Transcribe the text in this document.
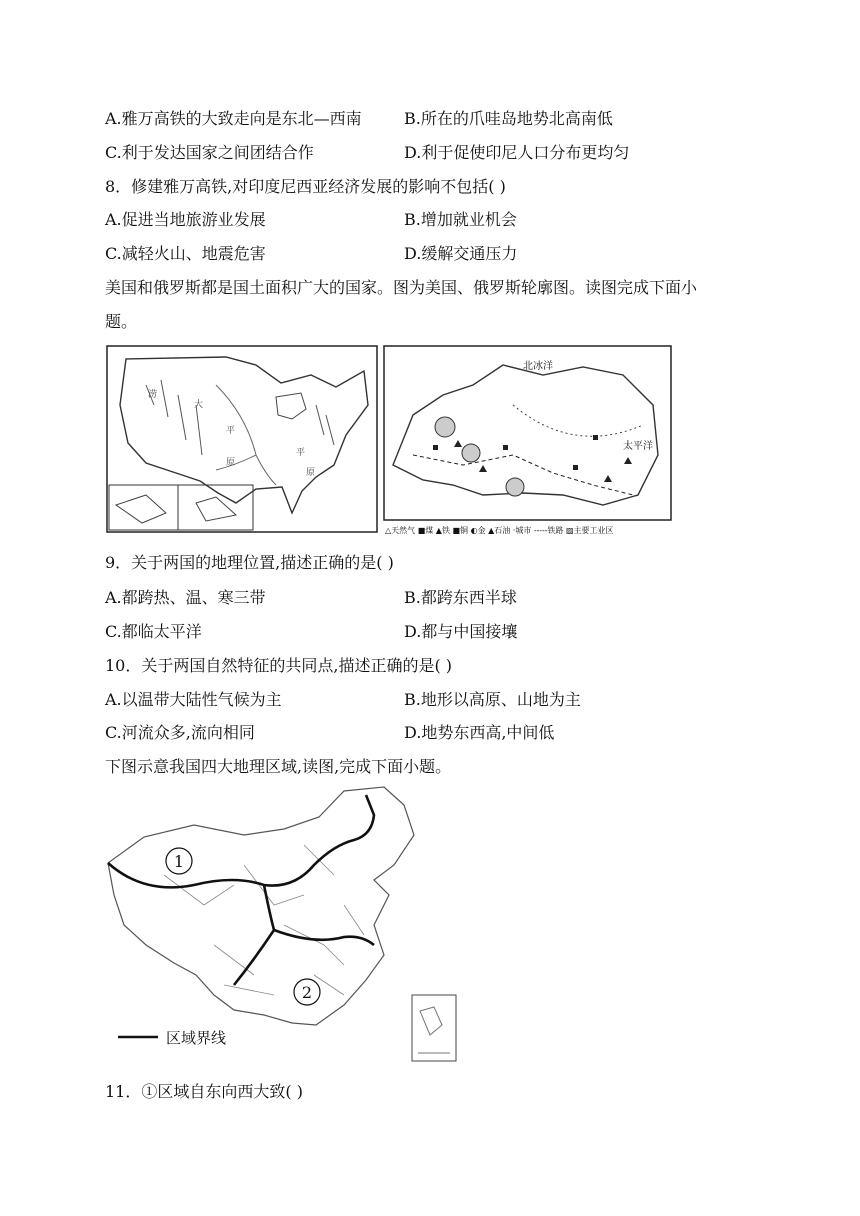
A.雅万高铁的大致走向是东北—西南	B.所在的爪哇岛地势北高南低
C.利于发达国家之间团结合作	D.利于促使印尼人口分布更均匀
8．修建雅万高铁,对印度尼西亚经济发展的影响不包括( )
A.促进当地旅游业发展	B.增加就业机会
C.减轻火山、地震危害	D.缓解交通压力
美国和俄罗斯都是国土面积广大的国家。图为美国、俄罗斯轮廓图。读图完成下面小
题。
涝
大
平
平
原
原
北冰洋
太平洋
△天然气 ■煤 ▲铁 ■铜 ◐金 ▲石油 ·城市 -----铁路 ▨主要工业区
9．关于两国的地理位置,描述正确的是( )
A.都跨热、温、寒三带	B.都跨东西半球
C.都临太平洋	D.都与中国接壤
10．关于两国自然特征的共同点,描述正确的是( )
A.以温带大陆性气候为主	B.地形以高原、山地为主
C.河流众多,流向相同	D.地势东西高,中间低
下图示意我国四大地理区域,读图,完成下面小题。
1
2
区域界线
11．①区域自东向西大致( )
